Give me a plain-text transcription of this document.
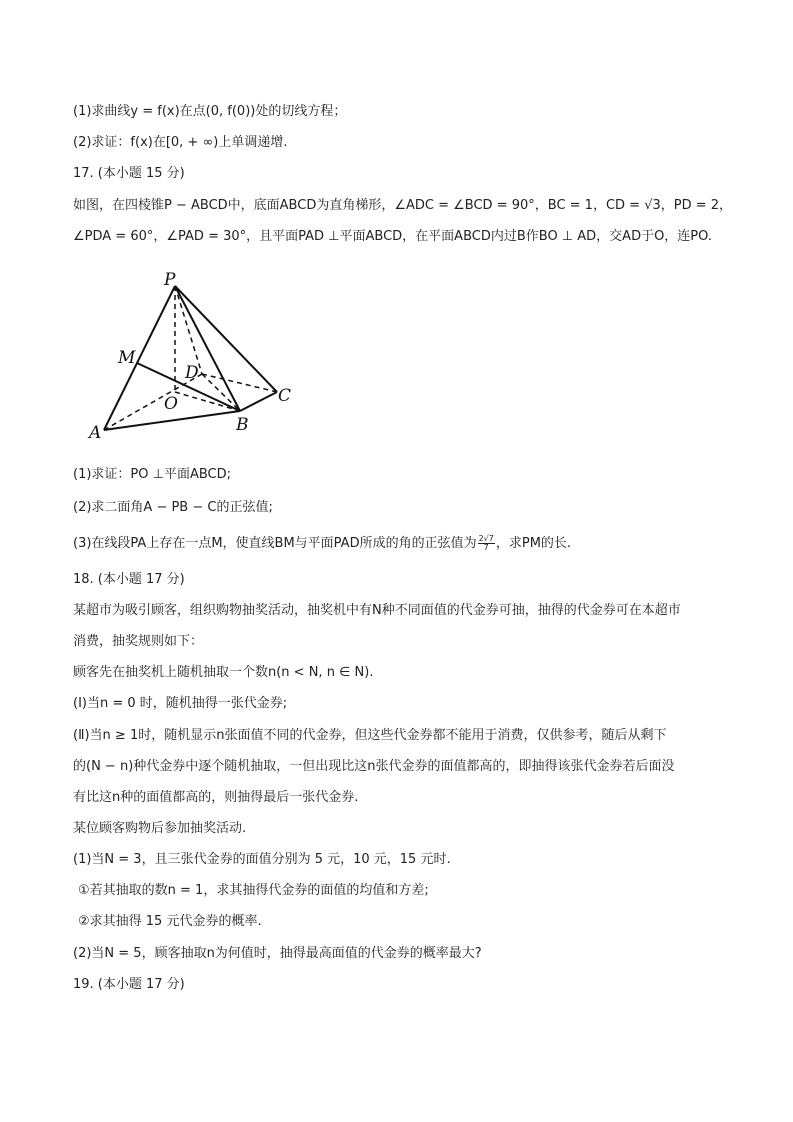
(1)求曲线y = f(x)在点(0, f(0))处的切线方程；
(2)求证：f(x)在[0, + ∞)上单调递增.
17. (本小题 15 分)
如图，在四棱锥P − ABCD中，底面ABCD为直角梯形，∠ADC = ∠BCD = 90°，BC = 1，CD = √3，PD = 2，
∠PDA = 60°，∠PAD = 30°，且平面PAD ⊥平面ABCD，在平面ABCD内过B作BO ⊥ AD，交AD于O，连PO.
P
M
D
O	C
A	B
(1)求证：PO ⊥平面ABCD;
(2)求二面角A − PB − C的正弦值;
(3)在线段PA上存在一点M，使直线BM与平面PAD所成的角的正弦值为 $\frac{2√7}{7}$ ，求PM的长.
18. (本小题 17 分)
某超市为吸引顾客，组织购物抽奖活动，抽奖机中有N种不同面值的代金券可抽，抽得的代金券可在本超市
消费，抽奖规则如下：
顾客先在抽奖机上随机抽取一个数n(n < N, n ∈ N).
(Ⅰ)当n = 0 时，随机抽得一张代金券;
(Ⅱ)当n ≥ 1时，随机显示n张面值不同的代金券，但这些代金券都不能用于消费，仅供参考，随后从剩下
的(N − n)种代金券中逐个随机抽取，一但出现比这n张代金券的面值都高的，即抽得该张代金券若后面没
有比这n种的面值都高的，则抽得最后一张代金券.
某位顾客购物后参加抽奖活动.
(1)当N = 3，且三张代金券的面值分别为 5 元，10 元，15 元时.
①若其抽取的数n = 1，求其抽得代金券的面值的均值和方差;
②求其抽得 15 元代金券的概率.
(2)当N = 5，顾客抽取n为何值时，抽得最高面值的代金券的概率最大?
19. (本小题 17 分)
